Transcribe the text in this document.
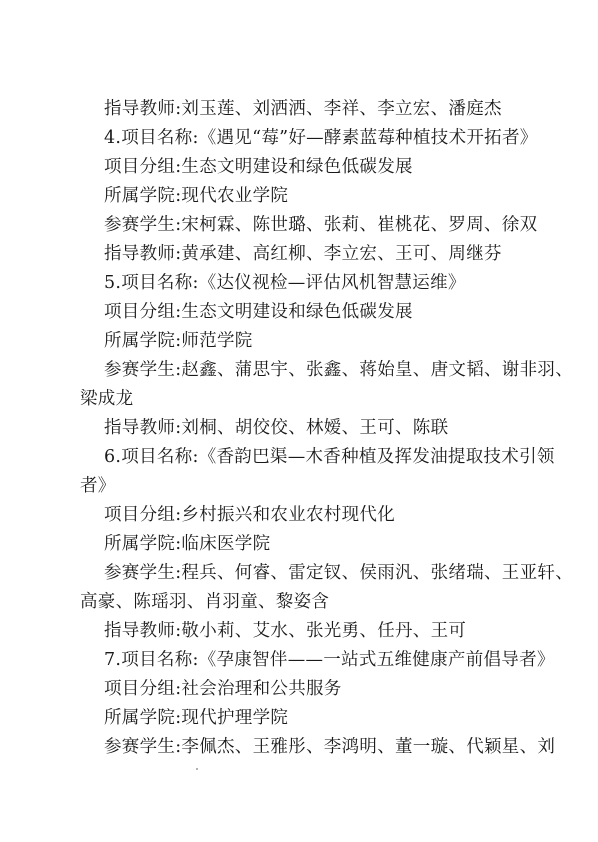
指导教师:刘玉莲、刘洒洒、李祥、李立宏、潘庭杰
4.项目名称:《遇见“莓”好—酵素蓝莓种植技术开拓者》
项目分组:生态文明建设和绿色低碳发展
所属学院:现代农业学院
参赛学生:宋柯霖、陈世璐、张莉、崔桃花、罗周、徐双
指导教师:黄承建、高红柳、李立宏、王可、周继芬
5.项目名称:《达仪视检—评估风机智慧运维》
项目分组:生态文明建设和绿色低碳发展
所属学院:师范学院
参赛学生:赵鑫、蒲思宇、张鑫、蒋始皇、唐文韬、谢非羽、
梁成龙
指导教师:刘桐、胡佼佼、林嫒、王可、陈联
6.项目名称:《香韵巴渠—木香种植及挥发油提取技术引领
者》
项目分组:乡村振兴和农业农村现代化
所属学院:临床医学院
参赛学生:程兵、何睿、雷定钗、侯雨汎、张绪瑞、王亚轩、
高豪、陈瑶羽、肖羽童、黎姿含
指导教师:敬小莉、艾水、张光勇、任丹、王可
7.项目名称:《孕康智伴——一站式五维健康产前倡导者》
项目分组:社会治理和公共服务
所属学院:现代护理学院
参赛学生:李佩杰、王雅彤、李鸿明、董一璇、代颖星、刘
